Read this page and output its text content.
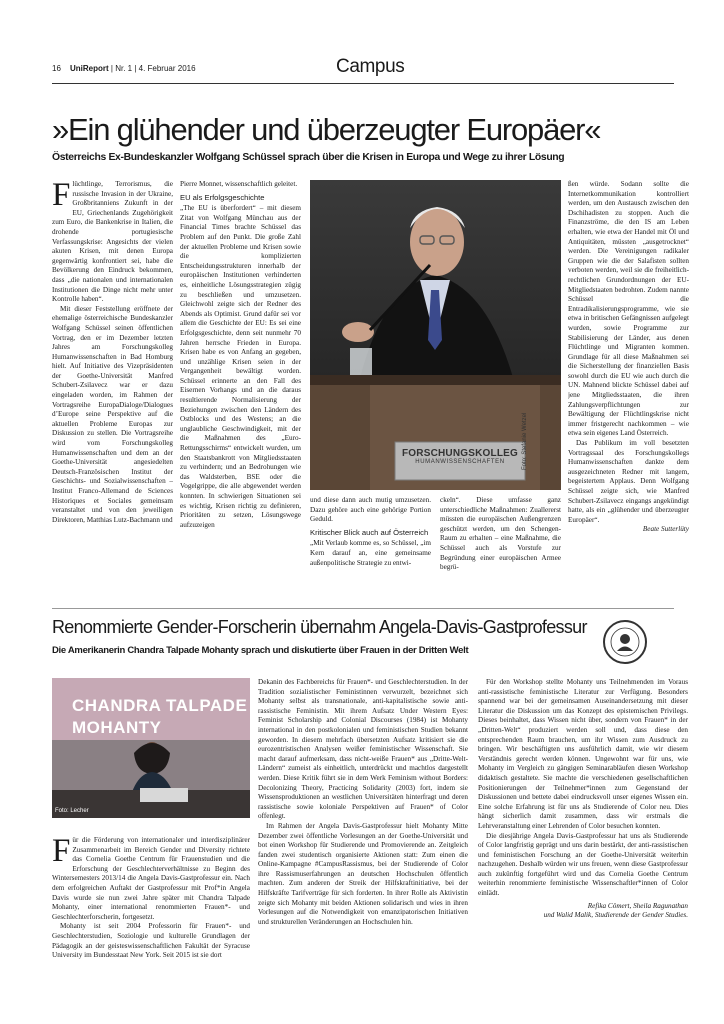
16 UniReport | Nr. 1 | 4. Februar 2016	Campus
»Ein glühender und überzeugter Europäer«
Österreichs Ex-Bundeskanzler Wolfgang Schüssel sprach über die Krisen in Europa und Wege zu ihrer Lösung
F lüchtlinge, Terrorismus, die russische Invasion in der Ukraine, Großbritanniens Zukunft in der EU, Griechenlands Zugehörigkeit zum Euro, die Bankenkrise in Italien, die drohende portugiesische Verfassungskrise: Angesichts der vielen akuten Krisen, mit denen Europa gegenwärtig konfrontiert sei, habe die Bevölkerung den Eindruck bekommen, dass „die nationalen und internationalen Institutionen die Dinge nicht mehr unter Kontrolle haben“.

Mit dieser Feststellung eröffnete der ehemalige österreichische Bundeskanzler Wolfgang Schüssel seinen öffentlichen Vortrag, den er im Dezember letzten Jahres am Forschungskolleg Humanwissenschaften in Bad Homburg hielt. Auf Initiative des Vizepräsidenten der Goethe-Universität Manfred Schubert-Zsilavecz war er dazu eingeladen worden, im Rahmen der Vortragsreihe EuropaDialoge/Dialogues d’Europe seine Perspektive auf die aktuellen Probleme Europas zur Diskussion zu stellen. Die Vortragsreihe wird vom Forschungskolleg Humanwissenschaften und dem an der Goethe-Universität angesiedelten Deutsch-Französischen Institut der Geschichts- und Sozialwissenschaften – Institut Franco-Allemand de Sciences Historiques et Sociales gemeinsam veranstaltet und von den jeweiligen Direktoren, Matthias Lutz-Bachmann und

Pierre Monnet, wissenschaftlich geleitet.

EU als Erfolgsgeschichte

„The EU is überfordert“ – mit diesem Zitat von Wolfgang Münchau aus der Financial Times brachte Schüssel das Problem auf den Punkt. Die große Zahl der aktuellen Probleme und Krisen sowie die komplizierten Entscheidungsstrukturen innerhalb der europäischen Institutionen verhinderten es, einheitliche Lösungsstrategien zügig zu beschließen und umzusetzen. Gleichwohl zeigte sich der Redner des Abends als Optimist. Grund dafür sei vor allem die Geschichte der EU: Es sei eine Erfolgsgeschichte, denn seit nunmehr 70 Jahren herrsche Frieden in Europa. Krisen habe es von Anfang an gegeben, und unzählige Krisen seien in der Vergangenheit bewältigt worden. Schüssel erinnerte an den Fall des Eisernen Vorhangs und an die daraus resultierende Normalisierung der Beziehungen zwischen den Ländern des Ostblocks und des Westens; an die unglaubliche Geschwindigkeit, mit der die Maßnahmen des „Euro-Rettungsschirms“ entwickelt wurden, um den Staatsbankrott von Mitgliedsstaaten zu verhindern; und an Bedrohungen wie das Waldsterben, BSE oder die Vogelgrippe, die alle abgewendet werden konnten. In schwierigen Situationen sei es wichtig, Krisen richtig zu definieren, Prioritäten zu setzen, Lösungswege aufzuzeigen

FORSCHUNGSKOLLEG
HUMANWISSENSCHAFTEN	Foto: Stefanie Wetzel

und diese dann auch mutig umzusetzen. Dazu gehöre auch eine gehörige Portion Geduld.

Kritischer Blick auch auf Österreich

„Mit Verlaub komme es, so Schüssel, „im Kern darauf an, eine gemeinsame außenpolitische Strategie zu entwi-

ckeln“. Diese umfasse ganz unterschiedliche Maßnahmen: Zuallererst müssten die europäischen Außengrenzen geschützt werden, um den Schengen-Raum zu erhalten – eine Maßnahme, die Schüssel auch als Vorstufe zur Begründung einer europäischen Armee begrü-

ßen würde. Sodann sollte die Internetkommunikation kontrolliert werden, um den Austausch zwischen den Dschihadisten zu stoppen. Auch die Finanzströme, die den IS am Leben erhalten, wie etwa der Handel mit Öl und Antiquitäten, müssten „ausgetrocknet“ werden. Die Vereinigungen radikaler Gruppen wie die der Salafisten sollten verboten werden, weil sie die freiheitlich-rechtlichen Grundordnungen der EU-Mitgliedstaaten bedrohten. Zudem nannte Schüssel die Entradikalisierungsprogramme, wie sie etwa in britischen Gefängnissen aufgelegt wurden, sowie Programme zur Stabilisierung der Länder, aus denen Flüchtlinge und Migranten kommen. Grundlage für all diese Maßnahmen sei die Sicherstellung der finanziellen Basis sowohl durch die EU wie auch durch die UN. Mahnend blickte Schüssel dabei auf jene Mitgliedsstaaten, die ihren Zahlungsverpflichtungen zur Bewältigung der Flüchtlingskrise nicht immer fristgerecht nachkommen – wie etwa sein eigenes Land Österreich.

Das Publikum im voll besetzten Vortragssaal des Forschungskollegs Humanwissenschaften dankte dem ausgezeichneten Redner mit langem, begeistertem Applaus. Denn Wolfgang Schüssel zeigte sich, wie Manfred Schubert-Zsilavecz eingangs angekündigt hatte, als ein „glühender und überzeugter Europäer“.

Beate Sutterlüty
Renommierte Gender-Forscherin übernahm Angela-Davis-Gastprofessur
Die Amerikanerin Chandra Talpade Mohanty sprach und diskutierte über Frauen in der Dritten Welt
CHANDRA TALPADE
MOHANTY
Foto: Lecher
F ür die Förderung von internationaler und interdisziplinärer Zusammenarbeit im Bereich Gender und Diversity richtete das Cornelia Goethe Centrum für Frauenstudien und die Erforschung der Geschlechterverhältnisse zu Beginn des Wintersemesters 2013/14 die Angela Davis-Gastprofessur ein. Nach dem erfolgreichen Auftakt der Gastprofessur mit Prof*in Angela Davis wurde sie nun zwei Jahre später mit Chandra Talpade Mohanty, einer international renommierten Frauen*- und Geschlechterforscherin, fortgesetzt.

Mohanty ist seit 2004 Professorin für Frauen*- und Geschlechterstudien, Soziologie und kulturelle Grundlagen der Pädagogik an der geisteswissenschaftlichen Fakultät der Syracuse University im Bundesstaat New York. Seit 2015 ist sie dort

Dekanin des Fachbereichs für Frauen*- und Geschlechterstudien. In der Tradition sozialistischer Feministinnen verwurzelt, bezeichnet sich Mohanty selbst als transnationale, anti-kapitalistische sowie anti-rassistische Feministin. Mit ihrem Aufsatz Under Western Eyes: Feminist Scholarship and Colonial Discourses (1984) ist Mohanty international in den postkolonialen und feministischen Studien bekannt geworden. In diesem mehrfach übersetzten Aufsatz kritisiert sie die eurozentristischen Analysen weißer feministischer Wissenschaft. Sie macht darauf aufmerksam, dass nicht-weiße Frauen* aus „Dritte-Welt-Ländern“ zumeist als einheitlich, unterdrückt und machtlos dargestellt werden. Diese Kritik führt sie in dem Werk Feminism without Borders: Decolonizing Theory, Practicing Solidarity (2003) fort, indem sie Wissensproduktionen an westlichen Universitäten hinterfragt und deren rassistische sowie koloniale Perspektiven auf Frauen* of Color offenlegt.

Im Rahmen der Angela Davis-Gastprofessur hielt Mohanty Mitte Dezember zwei öffentliche Vorlesungen an der Goethe-Universität und bot einen Workshop für Studierende und Promovierende an. Zeitgleich fanden zwei studentisch organisierte Aktionen statt: Zum einen die Online-Kampagne #CampusRassismus, bei der Studierende of Color ihre Rassismuserfahrungen an deutschen Hochschulen öffentlich machten. Zum anderen der Streik der Hilfskraftinitiative, bei der Hilfskräfte Tarifverträge für sich forderten. In ihrer Rolle als Aktivistin zeigte sich Mohanty mit beiden Aktionen solidarisch und wies in ihren Vorlesungen auf die Notwendigkeit von emanzipatorischen Initiativen und strukturellen Veränderungen an Hochschulen hin.

Für den Workshop stellte Mohanty uns Teilnehmenden im Voraus anti-rassistische feministische Literatur zur Verfügung. Besonders spannend war bei der gemeinsamen Auseinandersetzung mit dieser Literatur die Diskussion um das Konzept des epistemischen Privilegs. Dieses beinhaltet, dass Wissen nicht über, sondern von Frauen* in der „Dritten-Welt“ produziert werden soll und, dass diese den entsprechenden Raum brauchen, um ihr Wissen zum Ausdruck zu bringen. Wir beschäftigten uns ausführlich damit, wie wir diesem Verständnis gerecht werden können. Ungewohnt war für uns, wie Mohanty im Vergleich zu gängigen Seminarabläufen diesen Workshop didaktisch gestaltete. Sie machte die verschiedenen gesellschaftlichen Positionierungen der Teilnehmer*innen zum Gegenstand der Diskussionen und bettete dabei eindrucksvoll unser eigenes Wissen ein. Eine solche Erfahrung ist für uns als Studierende of Color neu. Dies hängt sicherlich damit zusammen, dass wir erstmals die Lehrveranstaltung einer Lehrenden of Color besuchen konnten.

Die diesjährige Angela Davis-Gastprofessur hat uns als Studierende of Color langfristig geprägt und uns darin bestärkt, der anti-rassistischen und feministischen Forschung an der Goethe-Universität weiterhin nachzugehen. Deshalb würden wir uns freuen, wenn diese Gastprofessur auch zukünftig fortgeführt wird und das Cornelia Goethe Centrum weiterhin renommierte feministische Wissenschaftler*innen of Color einlädt.

Refika Cömert, Sheila Ragunathan
und Walid Malik, Studierende der Gender Studies.
